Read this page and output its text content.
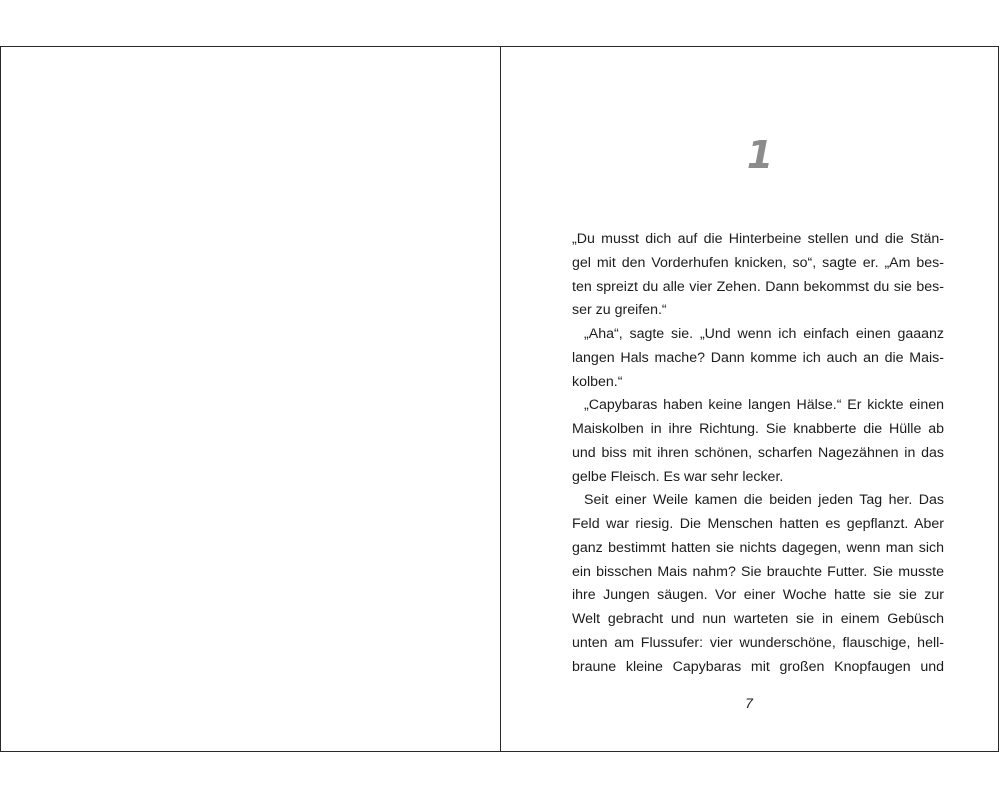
1
„Du musst dich auf die Hinterbeine stellen und die Stän-
gel mit den Vorderhufen knicken, so“, sagte er. „Am bes-
ten spreizt du alle vier Zehen. Dann bekommst du sie bes-
ser zu greifen.“
„Aha“, sagte sie. „Und wenn ich einfach einen gaaanz
langen Hals mache? Dann komme ich auch an die Mais-
kolben.“
„Capybaras haben keine langen Hälse.“ Er kickte einen
Maiskolben in ihre Richtung. Sie knabberte die Hülle ab
und biss mit ihren schönen, scharfen Nagezähnen in das
gelbe Fleisch. Es war sehr lecker.
Seit einer Weile kamen die beiden jeden Tag her. Das
Feld war riesig. Die Menschen hatten es gepflanzt. Aber
ganz bestimmt hatten sie nichts dagegen, wenn man sich
ein bisschen Mais nahm? Sie brauchte Futter. Sie musste
ihre Jungen säugen. Vor einer Woche hatte sie sie zur
Welt gebracht und nun warteten sie in einem Gebüsch
unten am Flussufer: vier wunderschöne, flauschige, hell-
braune kleine Capybaras mit großen Knopfaugen und
7
